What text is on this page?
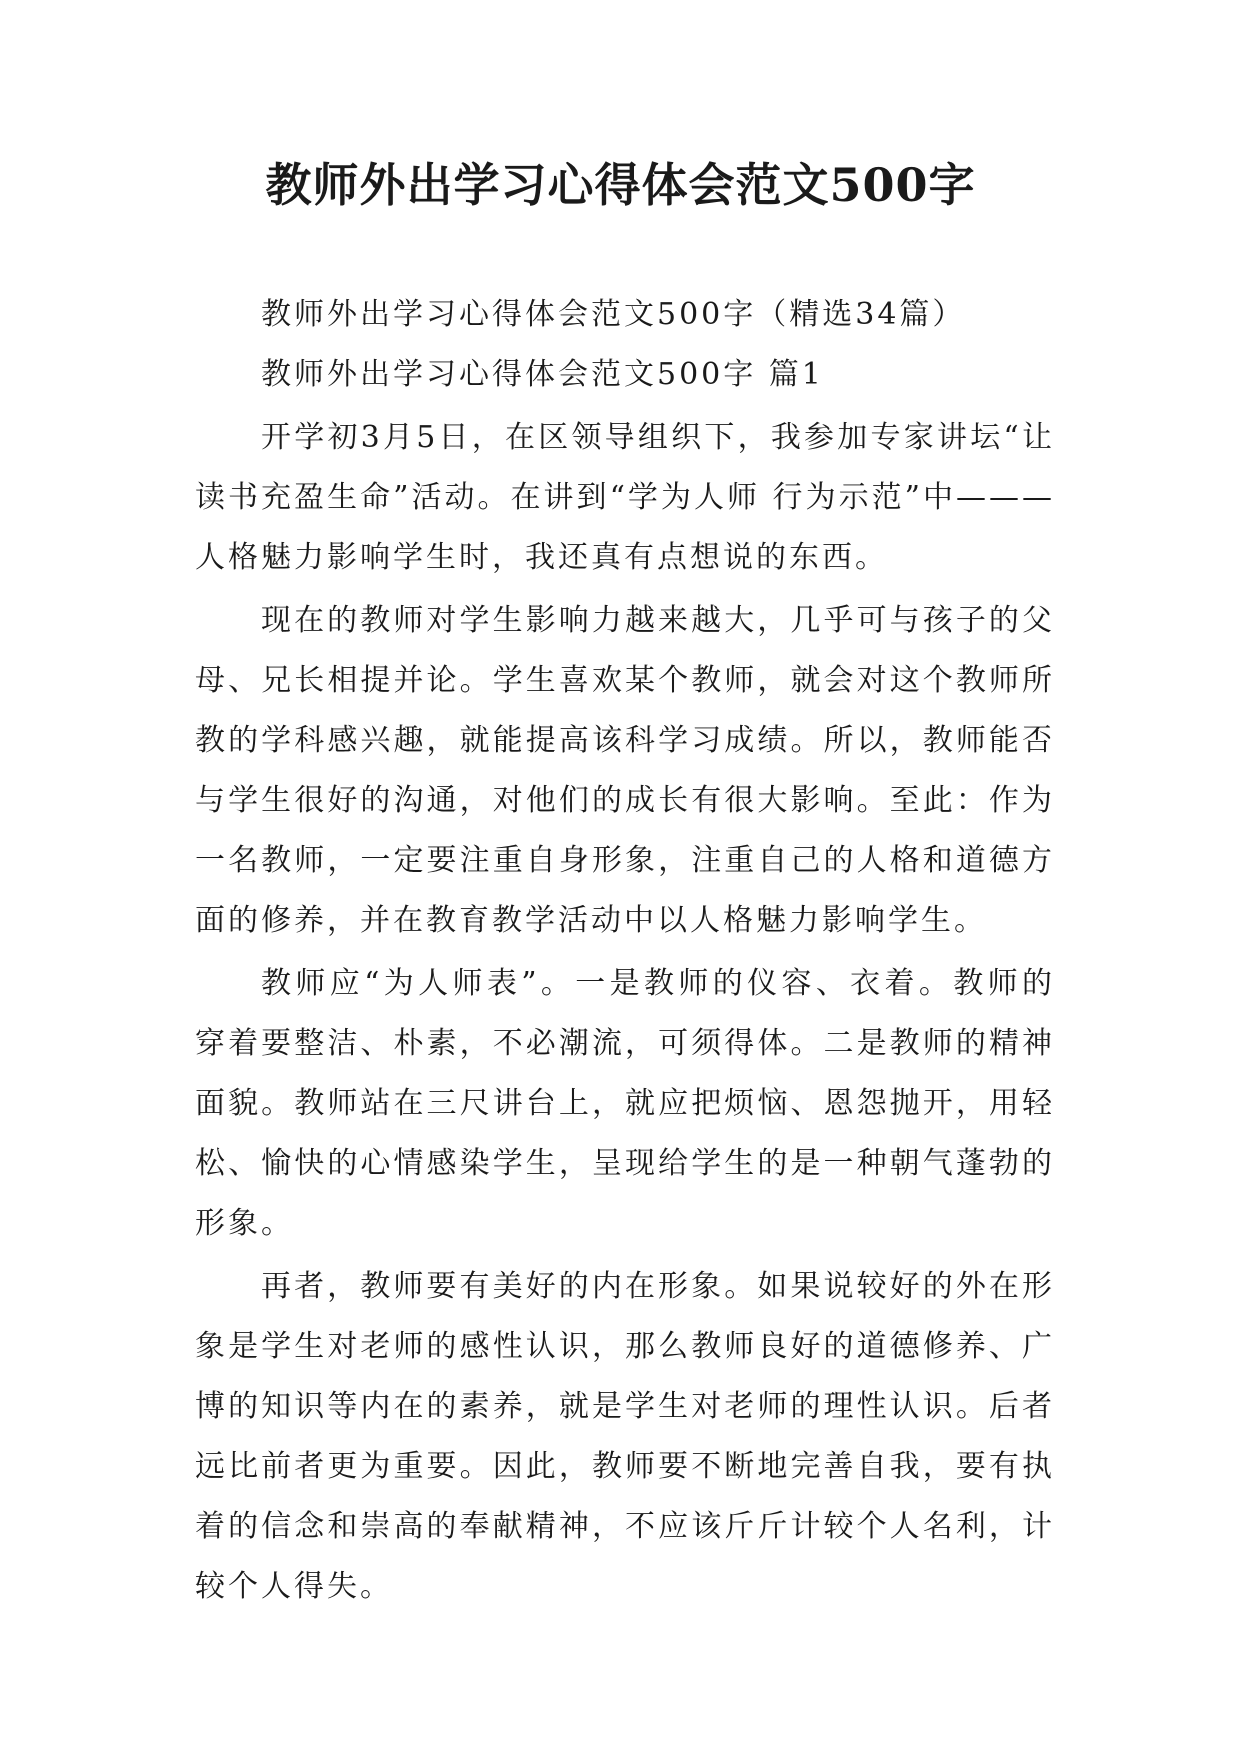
教师外出学习心得体会范文500字

教师外出学习心得体会范文500字（精选34篇）

教师外出学习心得体会范文500字 篇1

开学初3月5日，在区领导组织下，我参加专家讲坛“让读书充盈生命”活动。在讲到“学为人师 行为示范”中———人格魅力影响学生时，我还真有点想说的东西。

现在的教师对学生影响力越来越大，几乎可与孩子的父母、兄长相提并论。学生喜欢某个教师，就会对这个教师所教的学科感兴趣，就能提高该科学习成绩。所以，教师能否与学生很好的沟通，对他们的成长有很大影响。至此：作为一名教师，一定要注重自身形象，注重自己的人格和道德方面的修养，并在教育教学活动中以人格魅力影响学生。

教师应“为人师表”。一是教师的仪容、衣着。教师的穿着要整洁、朴素，不必潮流，可须得体。二是教师的精神面貌。教师站在三尺讲台上，就应把烦恼、恩怨抛开，用轻松、愉快的心情感染学生，呈现给学生的是一种朝气蓬勃的形象。

再者，教师要有美好的内在形象。如果说较好的外在形象是学生对老师的感性认识，那么教师良好的道德修养、广博的知识等内在的素养，就是学生对老师的理性认识。后者远比前者更为重要。因此，教师要不断地完善自我，要有执着的信念和崇高的奉献精神，不应该斤斤计较个人名利，计较个人得失。
